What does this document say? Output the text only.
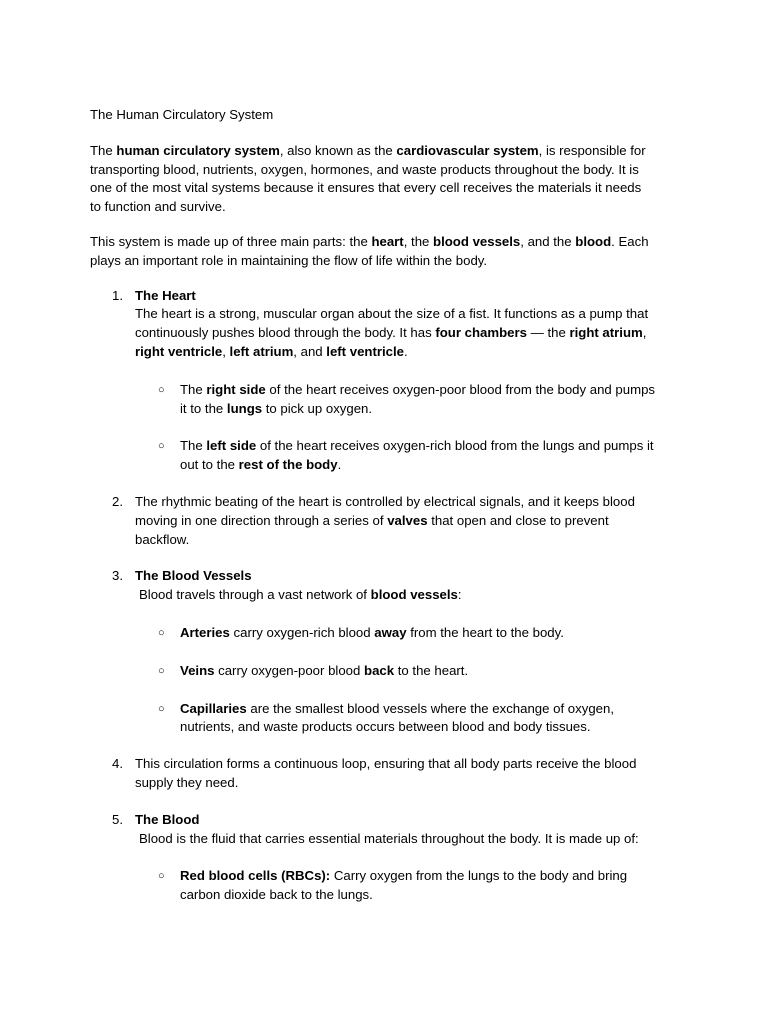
The Human Circulatory System

The human circulatory system, also known as the cardiovascular system, is responsible for
transporting blood, nutrients, oxygen, hormones, and waste products throughout the body. It is
one of the most vital systems because it ensures that every cell receives the materials it needs
to function and survive.

This system is made up of three main parts: the heart, the blood vessels, and the blood. Each
plays an important role in maintaining the flow of life within the body.

1. The Heart
The heart is a strong, muscular organ about the size of a fist. It functions as a pump that
continuously pushes blood through the body. It has four chambers — the right atrium,
right ventricle, left atrium, and left ventricle.
○ The right side of the heart receives oxygen-poor blood from the body and pumps
it to the lungs to pick up oxygen.
○ The left side of the heart receives oxygen-rich blood from the lungs and pumps it
out to the rest of the body.
2. The rhythmic beating of the heart is controlled by electrical signals, and it keeps blood
moving in one direction through a series of valves that open and close to prevent
backflow.
3. The Blood Vessels
Blood travels through a vast network of blood vessels:
○ Arteries carry oxygen-rich blood away from the heart to the body.
○ Veins carry oxygen-poor blood back to the heart.
○ Capillaries are the smallest blood vessels where the exchange of oxygen,
nutrients, and waste products occurs between blood and body tissues.
4. This circulation forms a continuous loop, ensuring that all body parts receive the blood
supply they need.
5. The Blood
Blood is the fluid that carries essential materials throughout the body. It is made up of:
○ Red blood cells (RBCs): Carry oxygen from the lungs to the body and bring
carbon dioxide back to the lungs.
